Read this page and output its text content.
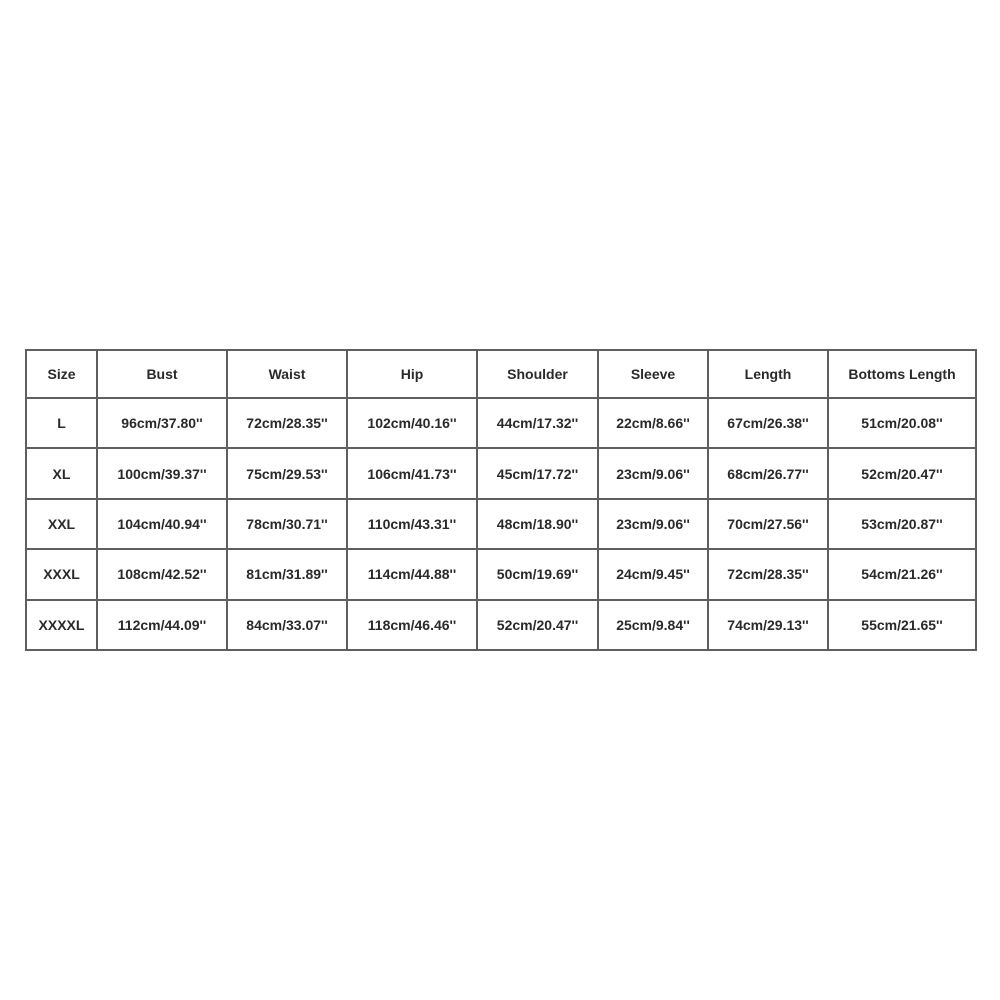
Size	Bust	Waist	Hip	Shoulder	Sleeve	Length	Bottoms Length
L	96cm/37.80''	72cm/28.35''	102cm/40.16''	44cm/17.32''	22cm/8.66''	67cm/26.38''	51cm/20.08''
XL	100cm/39.37''	75cm/29.53''	106cm/41.73''	45cm/17.72''	23cm/9.06''	68cm/26.77''	52cm/20.47''
XXL	104cm/40.94''	78cm/30.71''	110cm/43.31''	48cm/18.90''	23cm/9.06''	70cm/27.56''	53cm/20.87''
XXXL	108cm/42.52''	81cm/31.89''	114cm/44.88''	50cm/19.69''	24cm/9.45''	72cm/28.35''	54cm/21.26''
XXXXL	112cm/44.09''	84cm/33.07''	118cm/46.46''	52cm/20.47''	25cm/9.84''	74cm/29.13''	55cm/21.65''
